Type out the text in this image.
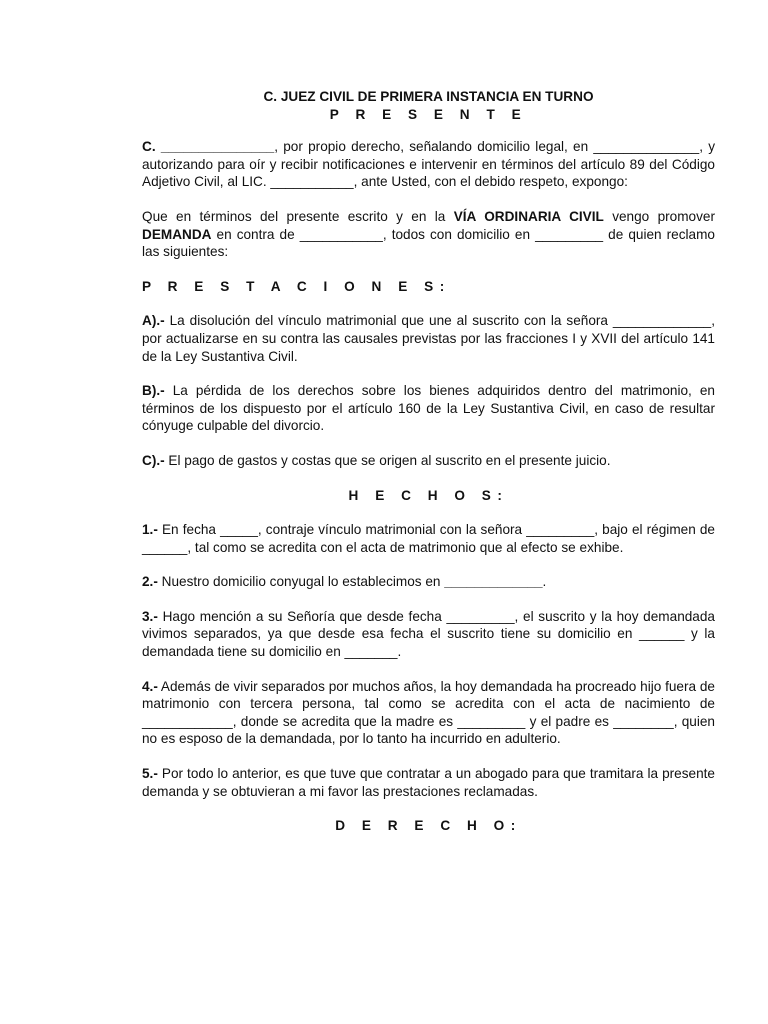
C. JUEZ CIVIL DE PRIMERA INSTANCIA EN TURNO
P R E S E N T E

C. _______________, por propio derecho, señalando domicilio legal, en ______________, y autorizando para oír y recibir notificaciones e intervenir en términos del artículo 89 del Código Adjetivo Civil, al LIC. ___________, ante Usted, con el debido respeto, expongo:

Que en términos del presente escrito y en la VÍA ORDINARIA CIVIL vengo promover DEMANDA en contra de ___________, todos con domicilio en _________ de quien reclamo las siguientes:

P R E S T A C I O N E S:

A).- La disolución del vínculo matrimonial que une al suscrito con la señora _____________, por actualizarse en su contra las causales previstas por las fracciones I y XVII del artículo 141 de la Ley Sustantiva Civil.

B).- La pérdida de los derechos sobre los bienes adquiridos dentro del matrimonio, en términos de los dispuesto por el artículo 160 de la Ley Sustantiva Civil, en caso de resultar cónyuge culpable del divorcio.

C).- El pago de gastos y costas que se origen al suscrito en el presente juicio.

H E C H O S:

1.- En fecha _____, contraje vínculo matrimonial con la señora _________, bajo el régimen de ______, tal como se acredita con el acta de matrimonio que al efecto se exhibe.

2.- Nuestro domicilio conyugal lo establecimos en _____________.

3.- Hago mención a su Señoría que desde fecha _________, el suscrito y la hoy demandada vivimos separados, ya que desde esa fecha el suscrito tiene su domicilio en ______ y la demandada tiene su domicilio en _______.

4.- Además de vivir separados por muchos años, la hoy demandada ha procreado hijo fuera de matrimonio con tercera persona, tal como se acredita con el acta de nacimiento de ____________, donde se acredita que la madre es _________ y el padre es ________, quien no es esposo de la demandada, por lo tanto ha incurrido en adulterio.

5.- Por todo lo anterior, es que tuve que contratar a un abogado para que tramitara la presente demanda y se obtuvieran a mi favor las prestaciones reclamadas.

D E R E C H O:
